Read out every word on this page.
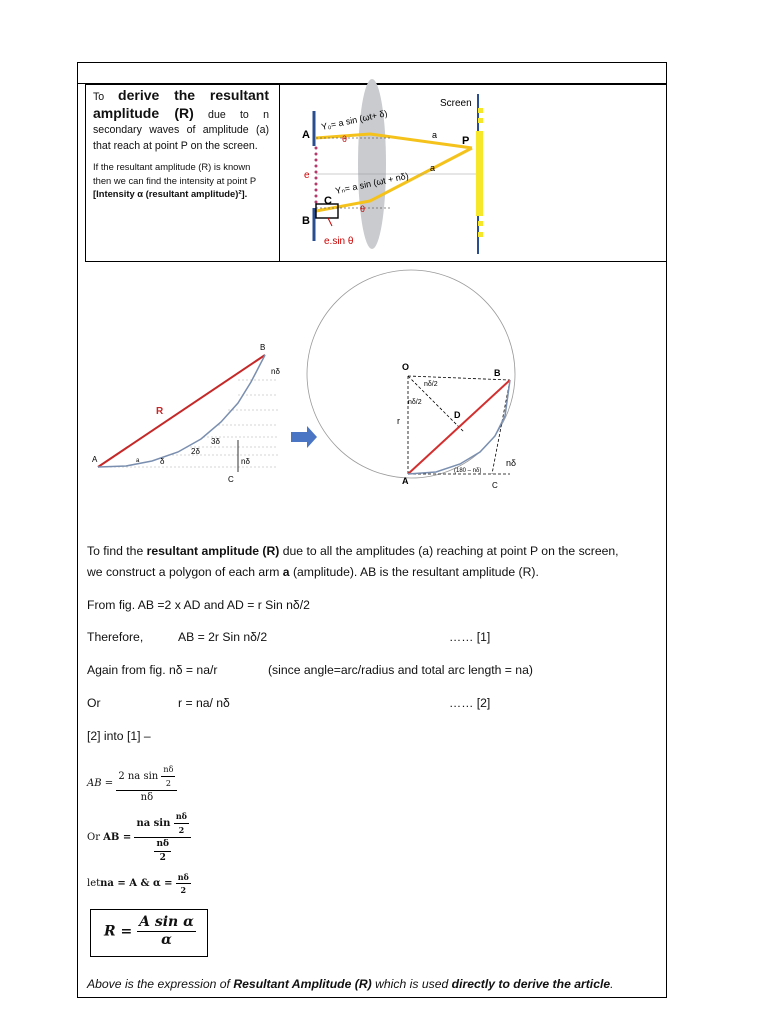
To derive the resultant amplitude (R) due to n secondary waves of amplitude (a) that reach at point P on the screen.

If the resultant amplitude (R) is known then we can find the intensity at point P [Intensity α (resultant amplitude)²].

Screen
A
B
C
P
Y₀= a sin (ωt+ δ)
Yₙ= a sin (ωt + nδ)
a
a
θ
θ
e
e.sin θ
A
B
C
R
δ
2δ
3δ
nδ
nδ
a
O
B
A	C
D
r
nδ/2
nδ/2
(180 – nδ)
nδ
To find the resultant amplitude (R) due to all the amplitudes (a) reaching at point P on the screen,
we construct a polygon of each arm a (amplitude). AB is the resultant amplitude (R).
From fig. AB =2 x AD and AD = r Sin nδ/2
Therefore,	AB = 2r Sin nδ/2	…… [1]
Again from fig. nδ = na/r	(since angle=arc/radius and total arc length = na)
Or	r = na/ nδ	…… [2]
[2] into [1] –
AB = $\frac{2 na \sin \frac{n\delta}{2}}{n\delta}$
Or AB = $\frac{na \sin \frac{n\delta}{2}}{\frac{n\delta}{2}}$
letna = A & $\alpha = \frac{n\delta}{2}$
$R = \frac{\text{A sin α}}{\alpha}$
Above is the expression of Resultant Amplitude (R) which is used directly to derive the article.
